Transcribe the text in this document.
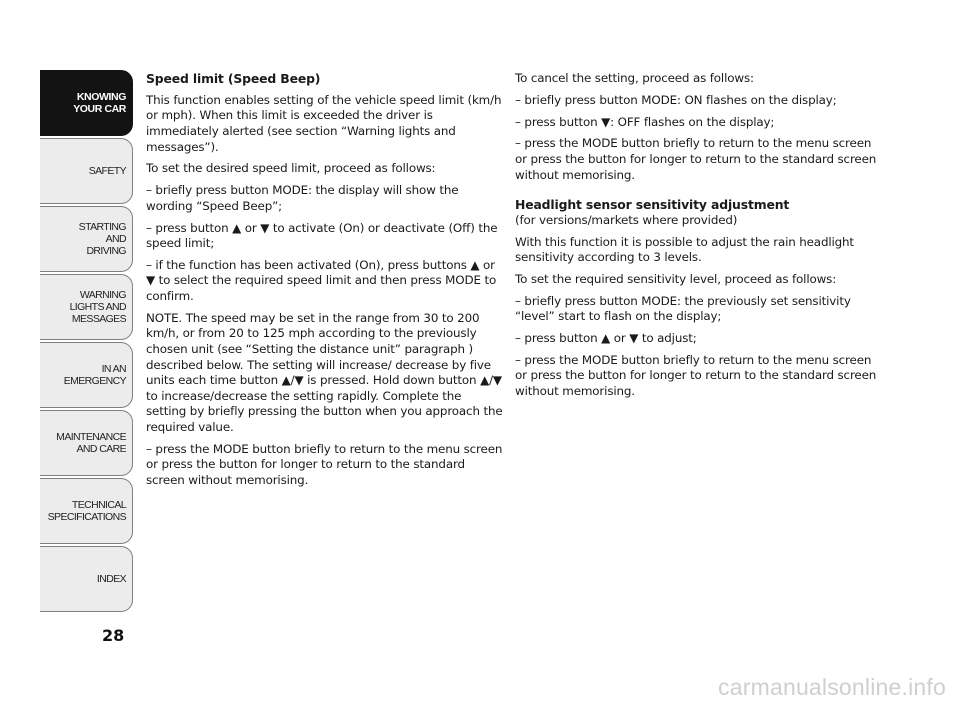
KNOWING
YOUR CAR
SAFETY
STARTING
AND
DRIVING
WARNING
LIGHTS AND
MESSAGES
IN AN
EMERGENCY
MAINTENANCE
AND CARE
TECHNICAL
SPECIFICATIONS
INDEX
28

Speed limit (Speed Beep)

This function enables setting of the vehicle speed limit (km/h or mph). When this limit is exceeded the driver is immediately alerted (see section “Warning lights and messages”).

To set the desired speed limit, proceed as follows:

– briefly press button MODE: the display will show the wording “Speed Beep”;

– press button ▲ or ▼ to activate (On) or deactivate (Off) the speed limit;

– if the function has been activated (On), press buttons ▲ or ▼ to select the required speed limit and then press MODE to confirm.

NOTE. The speed may be set in the range from 30 to 200 km/h, or from 20 to 125 mph according to the previously chosen unit (see “Setting the distance unit” paragraph ) described below. The setting will increase/ decrease by five units each time button ▲/▼ is pressed. Hold down button ▲/▼ to increase/decrease the setting rapidly. Complete the setting by briefly pressing the button when you approach the required value.

– press the MODE button briefly to return to the menu screen or press the button for longer to return to the standard screen without memorising.

To cancel the setting, proceed as follows:

– briefly press button MODE: ON flashes on the display;

– press button ▼: OFF flashes on the display;

– press the MODE button briefly to return to the menu screen or press the button for longer to return to the standard screen without memorising.

Headlight sensor sensitivity adjustment
(for versions/markets where provided)

With this function it is possible to adjust the rain headlight sensitivity according to 3 levels.

To set the required sensitivity level, proceed as follows:

– briefly press button MODE: the previously set sensitivity “level” start to flash on the display;

– press button ▲ or ▼ to adjust;

– press the MODE button briefly to return to the menu screen or press the button for longer to return to the standard screen without memorising.

carmanualsonline.info
